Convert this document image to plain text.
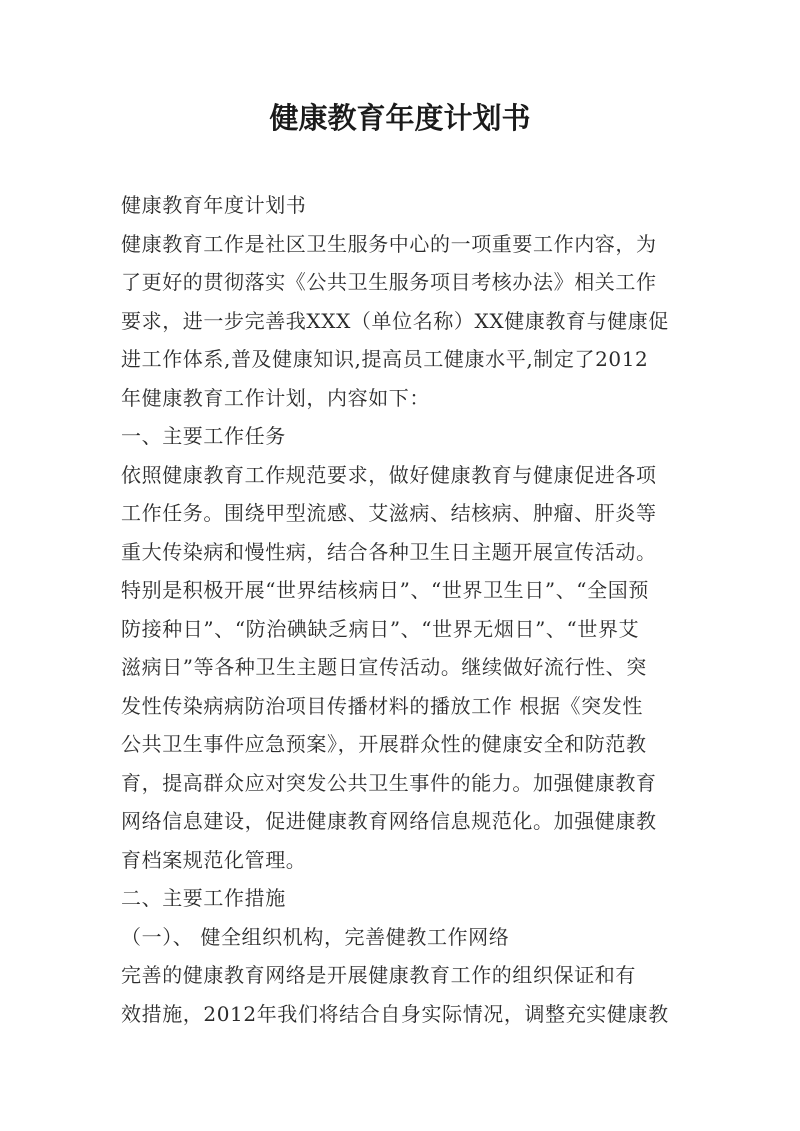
健康教育年度计划书
健康教育年度计划书
健康教育工作是社区卫生服务中心的一项重要工作内容，为
了更好的贯彻落实《公共卫生服务项目考核办法》相关工作
要求，进一步完善我XXX（单位名称）XX健康教育与健康促
进工作体系,普及健康知识,提高员工健康水平,制定了2012
年健康教育工作计划，内容如下：
一、主要工作任务
依照健康教育工作规范要求，做好健康教育与健康促进各项
工作任务。围绕甲型流感、艾滋病、结核病、肿瘤、肝炎等
重大传染病和慢性病，结合各种卫生日主题开展宣传活动。
特别是积极开展“世界结核病日”、“世界卫生日”、“全国预
防接种日”、“防治碘缺乏病日”、“世界无烟日”、“世界艾
滋病日”等各种卫生主题日宣传活动。继续做好流行性、突
发性传染病病防治项目传播材料的播放工作 根据《突发性
公共卫生事件应急预案》，开展群众性的健康安全和防范教
育，提高群众应对突发公共卫生事件的能力。加强健康教育
网络信息建设，促进健康教育网络信息规范化。加强健康教
育档案规范化管理。
二、主要工作措施
（一）、 健全组织机构，完善健教工作网络
完善的健康教育网络是开展健康教育工作的组织保证和有
效措施，2012年我们将结合自身实际情况，调整充实健康教
